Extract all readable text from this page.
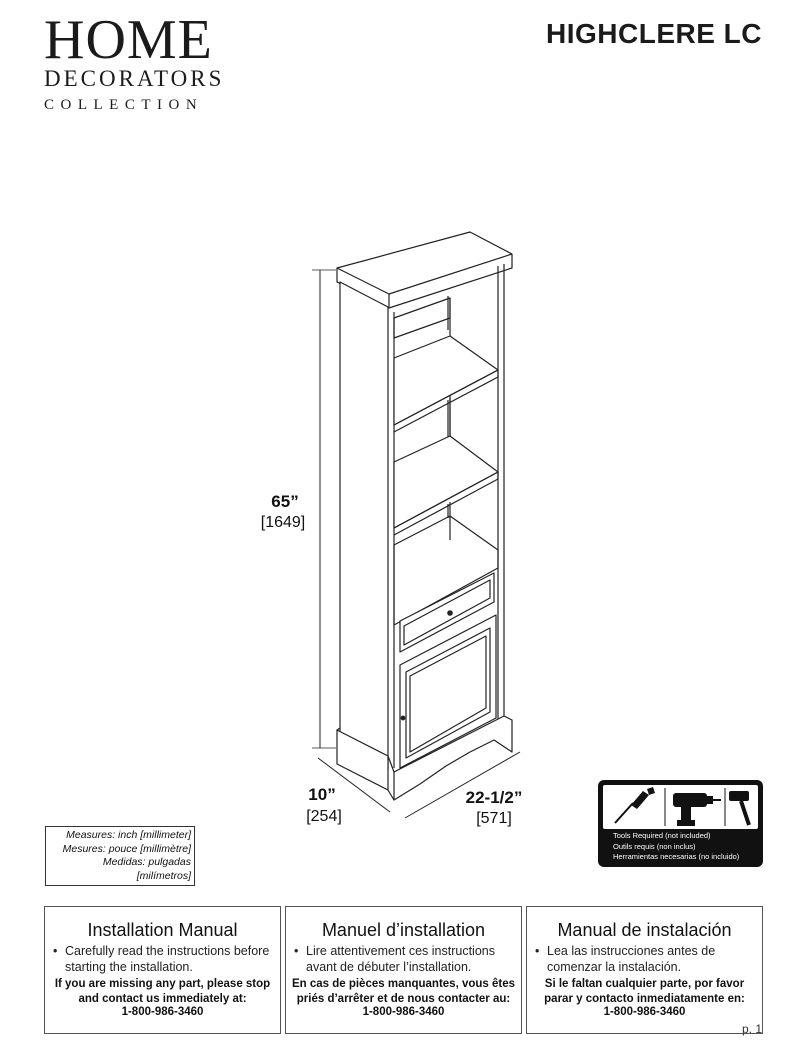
HOME
DECORATORS
COLLECTION
HIGHCLERE LC
65”
[1649]
10”
[254]
22-1/2”
[571]
Measures: inch [millimeter]
Mesures: pouce [millimètre]
Medidas: pulgadas [milímetros]
Tools Required (not included)
Outils requis (non inclus)
Herramientas necesarias (no incluido)
Installation Manual
• Carefully read the instructions before starting the installation.
If you are missing any part, please stop and contact us immediately at:
1-800-986-3460
Manuel d’installation
• Lire attentivement ces instructions avant de débuter l’installation.
En cas de pièces manquantes, vous êtes priés d’arrêter et de nous contacter au:
1-800-986-3460
Manual de instalación
• Lea las instrucciones antes de comenzar la instalación.
Si le faltan cualquier parte, por favor parar y contacto inmediatamente en:
1-800-986-3460
p. 1
